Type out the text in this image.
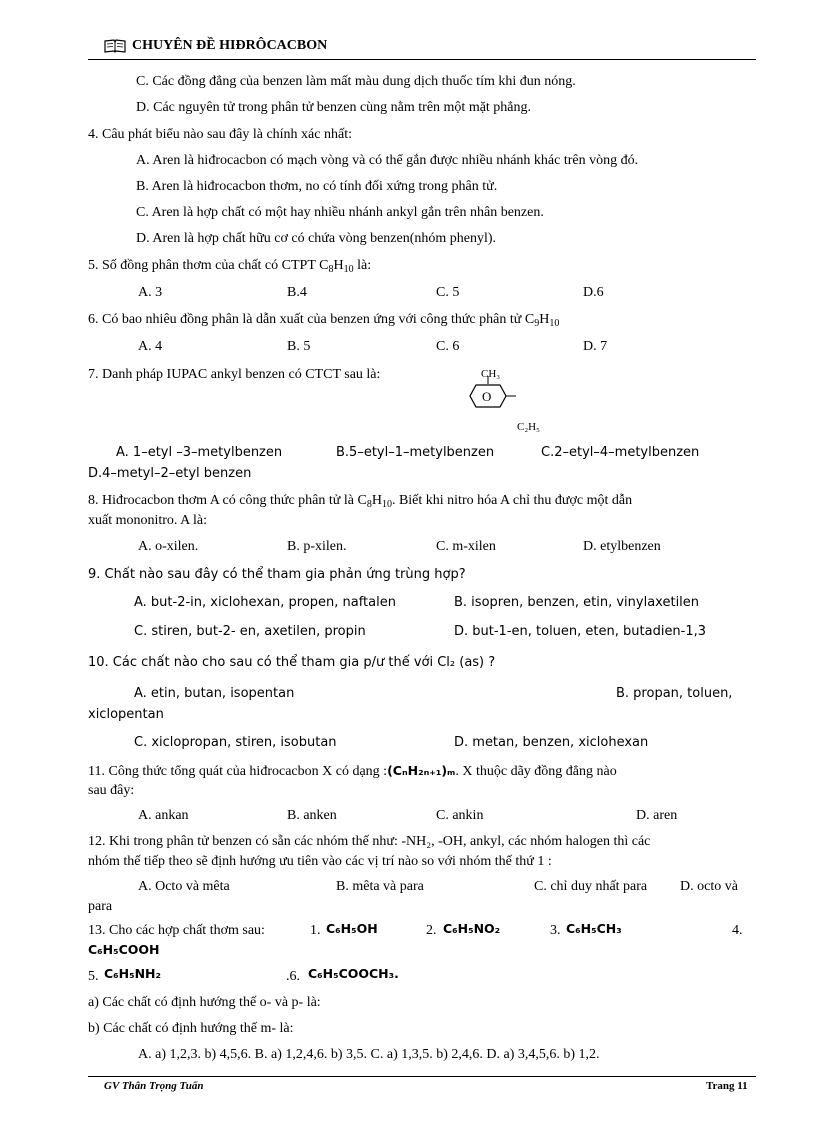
CHUYÊN ĐỀ HIĐRÔCACBON
C. Các đồng đẳng của benzen làm mất màu dung dịch thuốc tím khi đun nóng.
D. Các nguyên tử trong phân tử benzen cùng nằm trên một mặt phẳng.
4. Câu phát biểu nào sau đây là chính xác nhất:
A. Aren là hiđrocacbon có mạch vòng và có thể gắn được nhiều nhánh khác trên vòng đó.
B. Aren là hiđrocacbon thơm, no có tính đối xứng trong phân tử.
C. Aren là hợp chất có một hay nhiều nhánh ankyl gắn trên nhân benzen.
D. Aren là hợp chất hữu cơ có chứa vòng benzen(nhóm phenyl).
5. Số đồng phân thơm của chất có CTPT $C_8H_{10}$ là:
A. 3	B.4	C. 5	D.6
6. Có bao nhiêu đồng phân là dẫn xuất của benzen ứng với công thức phân tử $C_9H_{10}$
A. 4	B. 5	C. 6	D. 7
7. Danh pháp IUPAC ankyl benzen có CTCT sau là:	CH₃
O
C₂H₅
A. 1–etyl –3–metylbenzen	B.5–etyl–1–metylbenzen	C.2–etyl–4–metylbenzen
D.4–metyl–2–etyl benzen
8. Hiđrocacbon thơm A có công thức phân tử là $C_8H_{10}$. Biết khi nitro hóa A chỉ thu được một dẫn
xuất mononitro. A là:
A. o-xilen.	B. p-xilen.	C. m-xilen	D. etylbenzen
9. Chất nào sau đây có thể tham gia phản ứng trùng hợp?
A. but-2-in, xiclohexan, propen, naftalen	B. isopren, benzen, etin, vinylaxetilen
C. stiren, but-2- en, axetilen, propin	D. but-1-en, toluen, eten, butadien-1,3
10. Các chất nào cho sau có thể tham gia p/ư thế với Cl₂ (as) ?
A. etin, butan, isopentan	B. propan, toluen,
xiclopentan
C. xiclopropan, stiren, isobutan	D. metan, benzen, xiclohexan
11. Công thức tổng quát của hiđrocacbon X có dạng :(CₙH₂ₙ₊₁)ₘ. X thuộc dãy đồng đẳng nào
sau đây:
A. ankan	B. anken	C. ankin	D. aren
12. Khi trong phân tử benzen có sẵn các nhóm thế như: -NH₂, -OH, ankyl, các nhóm halogen thì các
nhóm thế tiếp theo sẽ định hướng ưu tiên vào các vị trí nào so với nhóm thế thứ 1 :
A. Octo và mêta	B. mêta và para	C. chỉ duy nhất para D. octo và
para
13. Cho các hợp chất thơm sau:	1. C₆H₅OH	2. C₆H₅NO₂	3. C₆H₅CH₃	4.
C₆H₅COOH
5. C₆H₅NH₂	.6. C₆H₅COOCH₃.
a) Các chất có định hướng thế o- và p- là:
b) Các chất có định hướng thế m- là:
A. a) 1,2,3. b) 4,5,6. B. a) 1,2,4,6. b) 3,5. C. a) 1,3,5. b) 2,4,6. D. a) 3,4,5,6. b) 1,2.
GV Thân Trọng Tuấn	Trang 11
